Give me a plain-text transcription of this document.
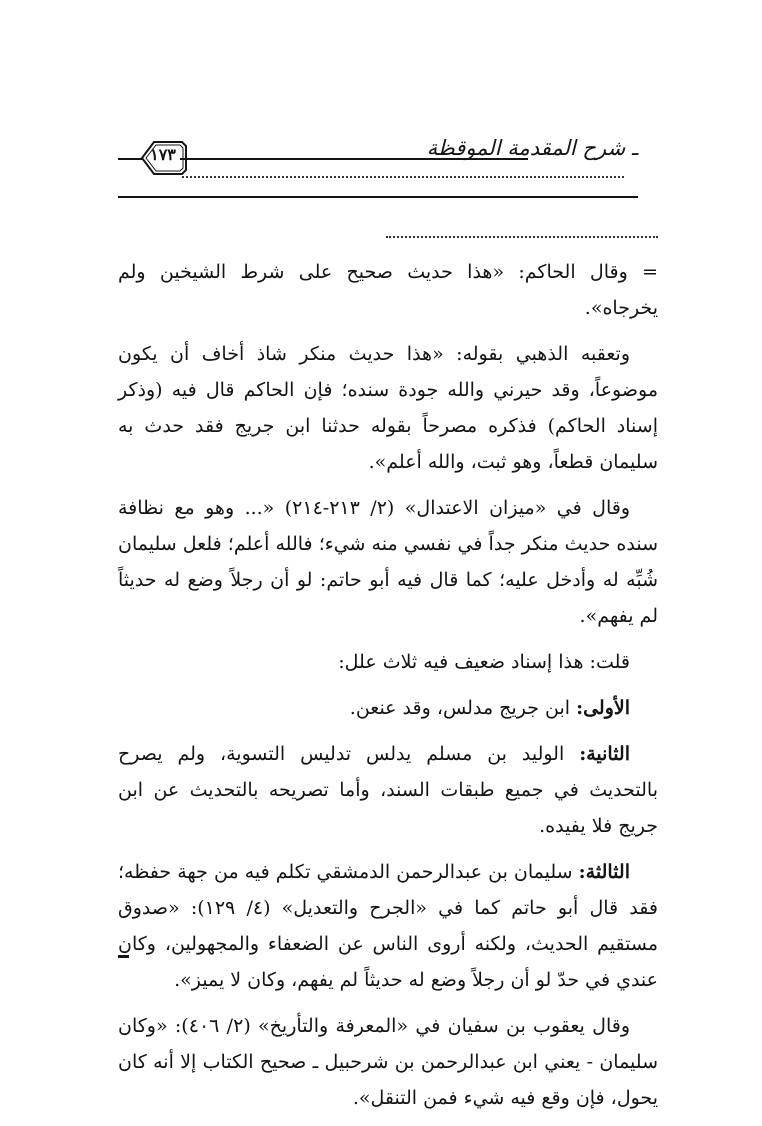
ـ شرح المقدمة الموقظة
١٧٣

= وقال الحاكم: «هذا حديث صحيح على شرط الشيخين ولم يخرجاه».

وتعقبه الذهبي بقوله: «هذا حديث منكر شاذ أخاف أن يكون موضوعاً، وقد حيرني والله جودة سنده؛ فإن الحاكم قال فيه (وذكر إسناد الحاكم) فذكره مصرحاً بقوله حدثنا ابن جريج فقد حدث به سليمان قطعاً، وهو ثبت، والله أعلم».

وقال في «ميزان الاعتدال» (٢/ ٢١٣-٢١٤) «... وهو مع نظافة سنده حديث منكر جداً في نفسي منه شيء؛ فالله أعلم؛ فلعل سليمان شُبِّه له وأدخل عليه؛ كما قال فيه أبو حاتم: لو أن رجلاً وضع له حديثاً لم يفهم».

قلت: هذا إسناد ضعيف فيه ثلاث علل:

الأولى: ابن جريج مدلس، وقد عنعن.

الثانية: الوليد بن مسلم يدلس تدليس التسوية، ولم يصرح بالتحديث في جميع طبقات السند، وأما تصريحه بالتحديث عن ابن جريج فلا يفيده.

الثالثة: سليمان بن عبدالرحمن الدمشقي تكلم فيه من جهة حفظه؛ فقد قال أبو حاتم كما في «الجرح والتعديل» (٤/ ١٢٩): «صدوق مستقيم الحديث، ولكنه أروى الناس عن الضعفاء والمجهولين، وكان عندي في حدّ لو أن رجلاً وضع له حديثاً لم يفهم، وكان لا يميز».

وقال يعقوب بن سفيان في «المعرفة والتأريخ» (٢/ ٤٠٦): «وكان سليمان - يعني ابن عبدالرحمن بن شرحبيل ـ صحيح الكتاب إلا أنه كان يحول، فإن وقع فيه شيء فمن التنقل».
